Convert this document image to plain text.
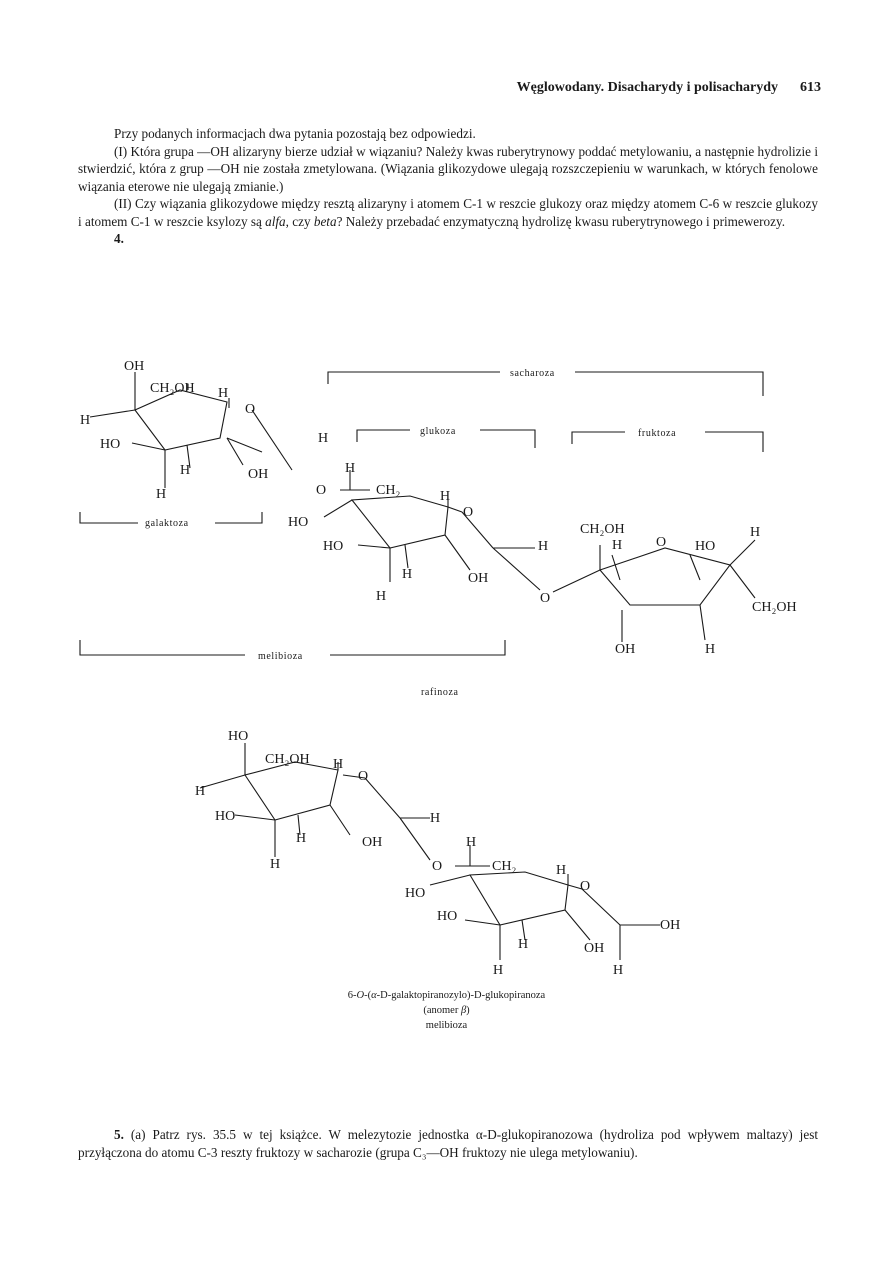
Węglowodany. Disacharydy i polisacharydy 613

Przy podanych informacjach dwa pytania pozostają bez odpowiedzi.

(I) Która grupa —OH alizaryny bierze udział w wiązaniu? Należy kwas ruberytrynowy poddać metylowaniu, a następnie hydrolizie i stwierdzić, która z grup —OH nie została zmetylowana. (Wiązania glikozydowe ulegają rozszczepieniu w warunkach, w których fenolowe wiązania eterowe nie ulegają zmianie.)

(II) Czy wiązania glikozydowe między resztą alizaryny i atomem C-1 w reszcie glukozy oraz między atomem C-6 w reszcie glukozy i atomem C-1 w reszcie ksylozy są alfa, czy beta? Należy przebadać enzymatyczną hydrolizę kwasu ruberytrynowego i primewerozy.

4.

OH
CH₂OH H
O
H
HO
H	OH
H
H
H
O	CH₂	H
O
HO
HO	H
H	OH
H	O
CH₂OH
H O HO
H
CH₂OH
OH	H
sacharoza
glukoza	fruktoza
galaktoza
melibioza
rafinoza
HO
CH₂OH H
O
H
HO	H
H	OH	H
H	O	CH₂	H
O
HO
HO
OH
H	OH
H	H
6-O-(α-D-galaktopiranozylo)-D-glukopiranoza
(anomer β)
melibioza
5. (a) Patrz rys. 35.5 w tej książce. W melezytozie jednostka α-D-glukopiranozowa (hydroliza pod wpływem maltazy) jest przyłączona do atomu C-3 reszty fruktozy w sacharozie (grupa C₃—OH fruktozy nie ulega metylowaniu).
